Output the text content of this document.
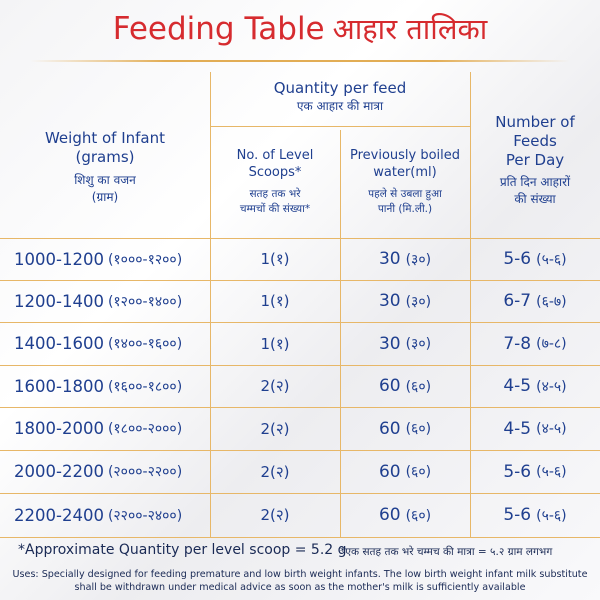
Feeding Table आहार तालिका
Weight of Infant
(grams)
शिशु का वजन
(ग्राम)
Quantity per feed
एक आहार की मात्रा
No. of Level
Scoops*
सतह तक भरे
चम्मचों की संख्या*
Previously boiled
water(ml)
पहले से उबला हुआ
पानी (मि.ली.)
Number of
Feeds
Per Day
प्रति दिन आहारों
की संख्या
1000-1200 (१०००-१२००)	1 (१)	30 (३०)	5-6 (५-६)
1200-1400 (१२००-१४००)	1 (१)	30 (३०)	6-7 (६-७)
1400-1600 (१४००-१६००)	1 (१)	30 (३०)	7-8 (७-८)
1600-1800 (१६००-१८००)	2 (२)	60 (६०)	4-5 (४-५)
1800-2000 (१८००-२०००)	2 (२)	60 (६०)	4-5 (४-५)
2000-2200 (२०००-२२००)	2 (२)	60 (६०)	5-6 (५-६)
2200-2400 (२२००-२४००)	2 (२)	60 (६०)	5-6 (५-६)
*Approximate Quantity per level scoop = 5.2 g
*एक सतह तक भरे चम्मच की मात्रा = ५.२ ग्राम लगभग
Uses: Specially designed for feeding premature and low birth weight infants. The low birth weight infant milk substitute shall be withdrawn under medical advice as soon as the mother's milk is sufficiently available
